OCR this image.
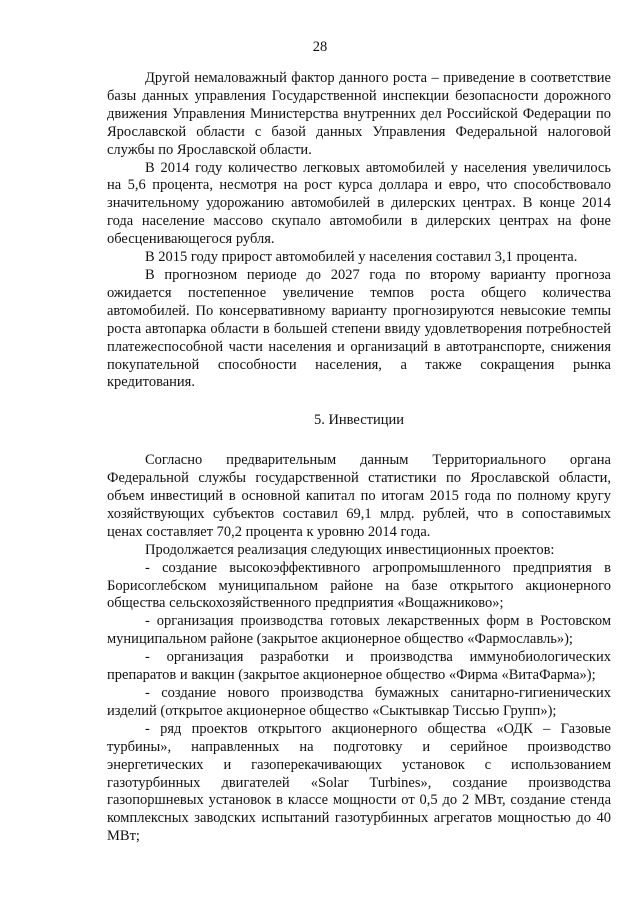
28

Другой немаловажный фактор данного роста – приведение в соответствие базы данных управления Государственной инспекции безопасности дорожного движения Управления Министерства внутренних дел Российской Федерации по Ярославской области с базой данных Управления Федеральной налоговой службы по Ярославской области.

В 2014 году количество легковых автомобилей у населения увеличилось на 5,6 процента, несмотря на рост курса доллара и евро, что способствовало значительному удорожанию автомобилей в дилерских центрах. В конце 2014 года население массово скупало автомобили в дилерских центрах на фоне обесценивающегося рубля.

В 2015 году прирост автомобилей у населения составил 3,1 процента.

В прогнозном периоде до 2027 года по второму варианту прогноза ожидается постепенное увеличение темпов роста общего количества автомобилей. По консервативному варианту прогнозируются невысокие темпы роста автопарка области в большей степени ввиду удовлетворения потребностей платежеспособной части населения и организаций в автотранспорте, снижения покупательной способности населения, а также сокращения рынка кредитования.

5. Инвестиции

Согласно предварительным данным Территориального органа Федеральной службы государственной статистики по Ярославской области, объем инвестиций в основной капитал по итогам 2015 года по полному кругу хозяйствующих субъектов составил 69,1 млрд. рублей, что в сопоставимых ценах составляет 70,2 процента к уровню 2014 года.

Продолжается реализация следующих инвестиционных проектов:

- создание высокоэффективного агропромышленного предприятия в Борисоглебском муниципальном районе на базе открытого акционерного общества сельскохозяйственного предприятия «Вощажниково»;

- организация производства готовых лекарственных форм в Ростовском муниципальном районе (закрытое акционерное общество «Фармославль»);

- организация разработки и производства иммунобиологических препаратов и вакцин (закрытое акционерное общество «Фирма «ВитаФарма»);

- создание нового производства бумажных санитарно-гигиенических изделий (открытое акционерное общество «Сыктывкар Тиссью Групп»);

- ряд проектов открытого акционерного общества «ОДК – Газовые турбины», направленных на подготовку и серийное производство энергетических и газоперекачивающих установок с использованием газотурбинных двигателей «Solar Turbines», создание производства газопоршневых установок в классе мощности от 0,5 до 2 МВт, создание стенда комплексных заводских испытаний газотурбинных агрегатов мощностью до 40 МВт;
